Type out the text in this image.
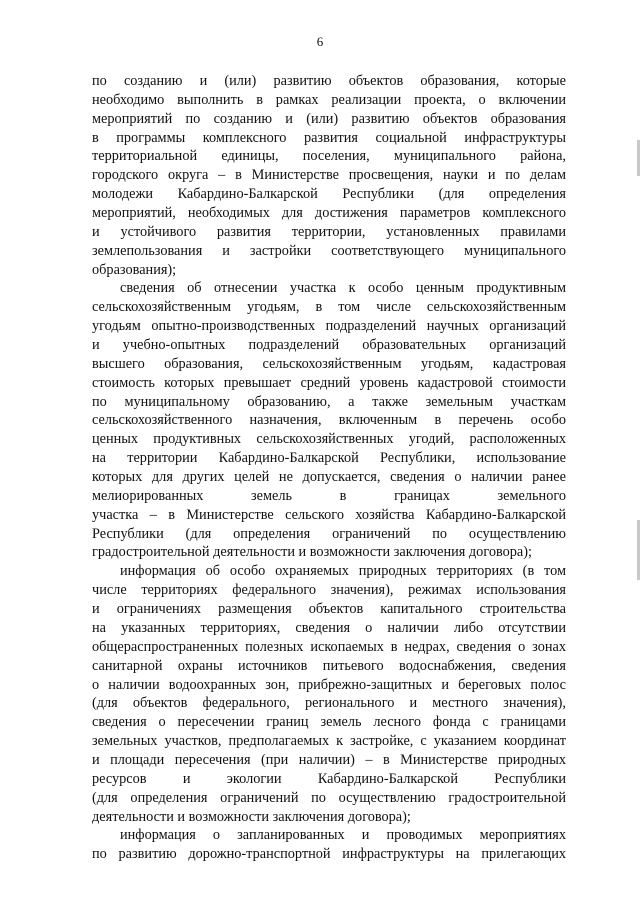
6
по созданию и (или) развитию объектов образования, которые
необходимо выполнить в рамках реализации проекта, о включении
мероприятий по созданию и (или) развитию объектов образования
в программы комплексного развития социальной инфраструктуры
территориальной единицы, поселения, муниципального района,
городского округа – в Министерстве просвещения, науки и по делам
молодежи Кабардино-Балкарской Республики (для определения
мероприятий, необходимых для достижения параметров комплексного
и устойчивого развития территории, установленных правилами
землепользования и застройки соответствующего муниципального
образования);
сведения об отнесении участка к особо ценным продуктивным
сельскохозяйственным угодьям, в том числе сельскохозяйственным
угодьям опытно-производственных подразделений научных организаций
и учебно-опытных подразделений образовательных организаций
высшего образования, сельскохозяйственным угодьям, кадастровая
стоимость которых превышает средний уровень кадастровой стоимости
по муниципальному образованию, а также земельным участкам
сельскохозяйственного назначения, включенным в перечень особо
ценных продуктивных сельскохозяйственных угодий, расположенных
на территории Кабардино-Балкарской Республики, использование
которых для других целей не допускается, сведения о наличии ранее
мелиорированных земель в границах земельного
участка – в Министерстве сельского хозяйства Кабардино-Балкарской
Республики (для определения ограничений по осуществлению
градостроительной деятельности и возможности заключения договора);
информация об особо охраняемых природных территориях (в том
числе территориях федерального значения), режимах использования
и ограничениях размещения объектов капитального строительства
на указанных территориях, сведения о наличии либо отсутствии
общераспространенных полезных ископаемых в недрах, сведения о зонах
санитарной охраны источников питьевого водоснабжения, сведения
о наличии водоохранных зон, прибрежно-защитных и береговых полос
(для объектов федерального, регионального и местного значения),
сведения о пересечении границ земель лесного фонда с границами
земельных участков, предполагаемых к застройке, с указанием координат
и площади пересечения (при наличии) – в Министерстве природных
ресурсов и экологии Кабардино-Балкарской Республики
(для определения ограничений по осуществлению градостроительной
деятельности и возможности заключения договора);
информация о запланированных и проводимых мероприятиях
по развитию дорожно-транспортной инфраструктуры на прилегающих
